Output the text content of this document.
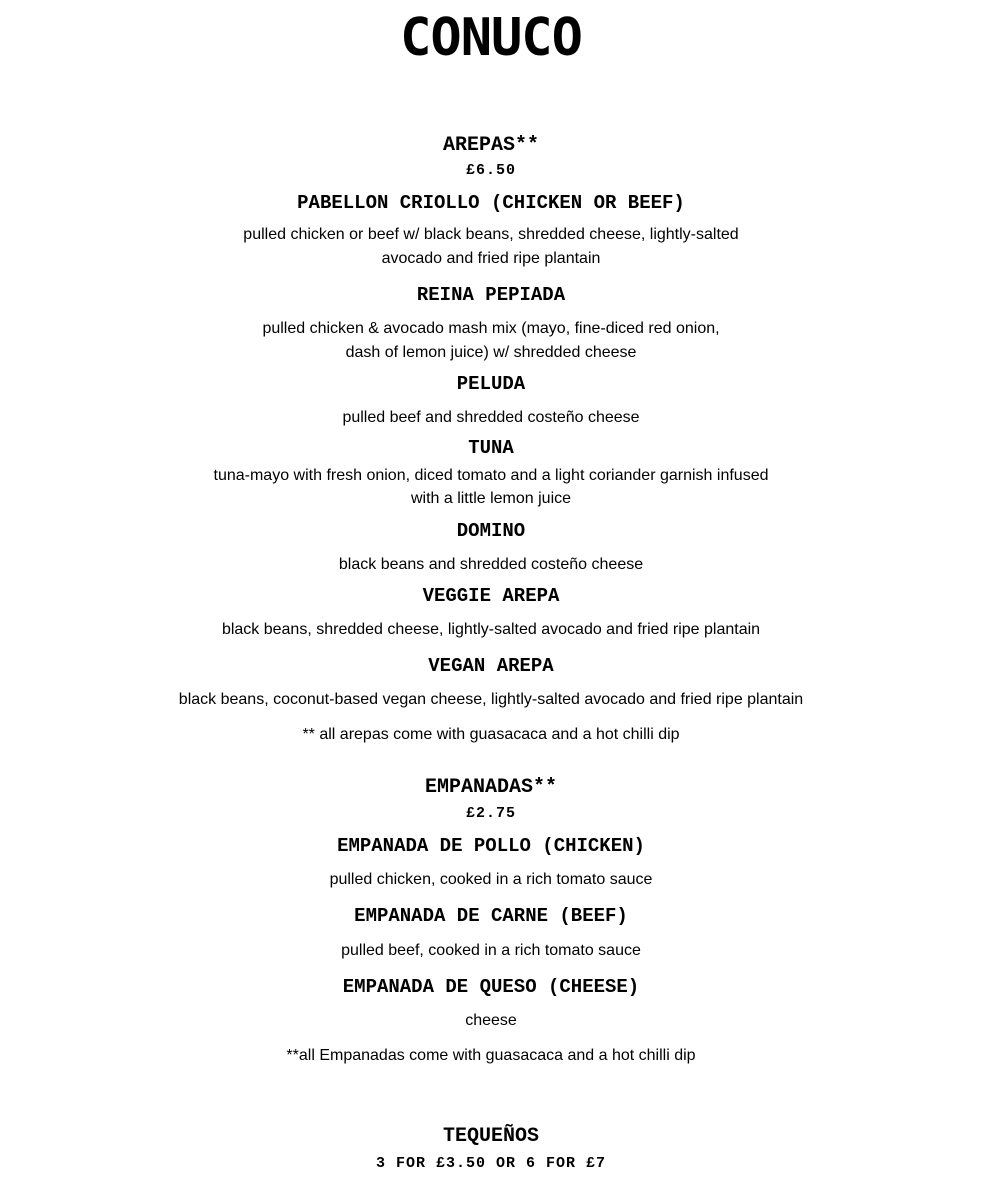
CONUCO
AREPAS**
£6.50
PABELLON CRIOLLO (CHICKEN OR BEEF)
pulled chicken or beef w/ black beans, shredded cheese, lightly-salted
avocado and fried ripe plantain
REINA PEPIADA
pulled chicken & avocado mash mix (mayo, fine-diced red onion,
dash of lemon juice) w/ shredded cheese
PELUDA
pulled beef and shredded costeño cheese
TUNA
tuna-mayo with fresh onion, diced tomato and a light coriander garnish infused
with a little lemon juice
DOMINO
black beans and shredded costeño cheese
VEGGIE AREPA
black beans, shredded cheese, lightly-salted avocado and fried ripe plantain
VEGAN AREPA
black beans, coconut-based vegan cheese, lightly-salted avocado and fried ripe plantain
** all arepas come with guasacaca and a hot chilli dip
EMPANADAS**
£2.75
EMPANADA DE POLLO (CHICKEN)
pulled chicken, cooked in a rich tomato sauce
EMPANADA DE CARNE (BEEF)
pulled beef, cooked in a rich tomato sauce
EMPANADA DE QUESO (CHEESE)
cheese
**all Empanadas come with guasacaca and a hot chilli dip
TEQUEÑOS
3 FOR £3.50 OR 6 FOR £7
